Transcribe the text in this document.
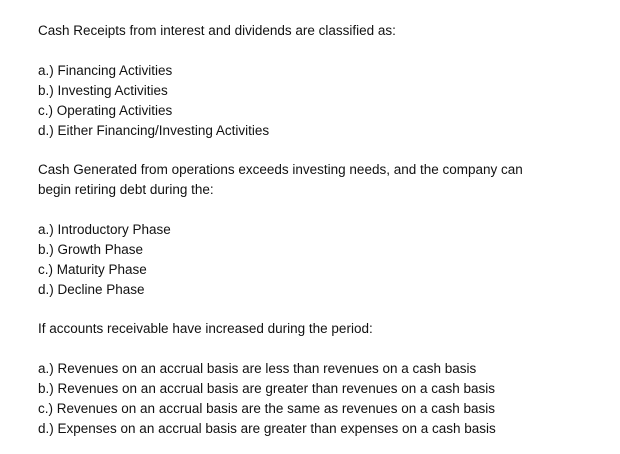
Cash Receipts from interest and dividends are classified as:

a.) Financing Activities
b.) Investing Activities
c.) Operating Activities
d.) Either Financing/Investing Activities

Cash Generated from operations exceeds investing needs, and the company can begin retiring debt during the:

a.) Introductory Phase
b.) Growth Phase
c.) Maturity Phase
d.) Decline Phase

If accounts receivable have increased during the period:

a.) Revenues on an accrual basis are less than revenues on a cash basis
b.) Revenues on an accrual basis are greater than revenues on a cash basis
c.) Revenues on an accrual basis are the same as revenues on a cash basis
d.) Expenses on an accrual basis are greater than expenses on a cash basis
